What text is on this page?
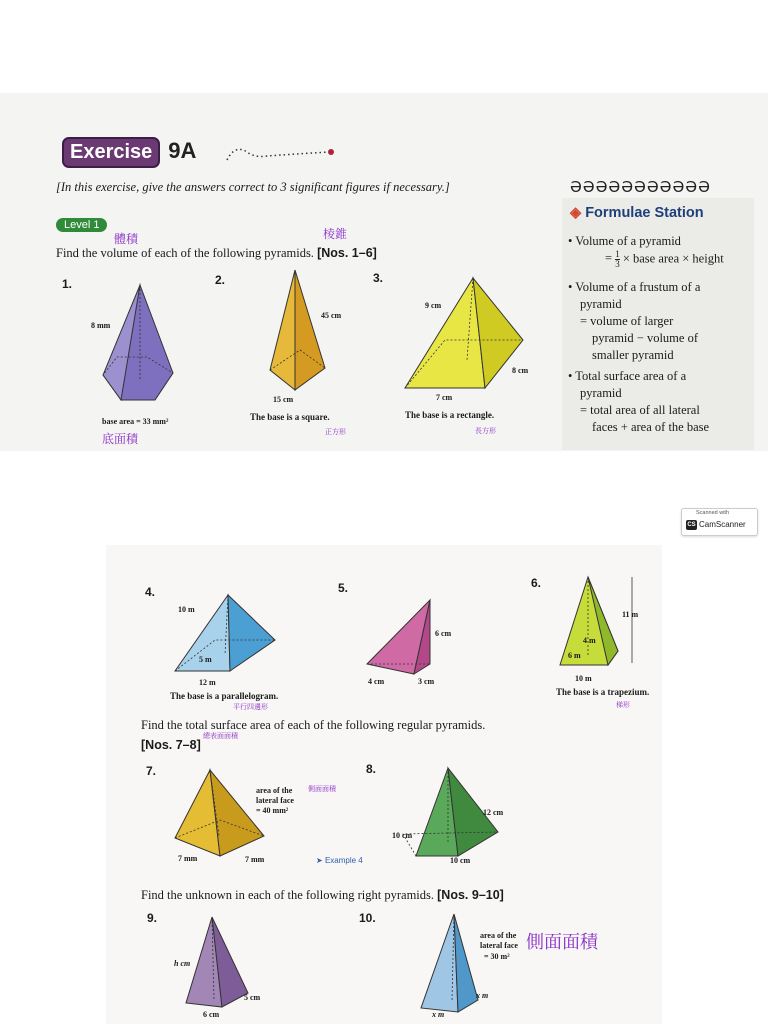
Exercise 9A
[In this exercise, give the answers correct to 3 significant figures if necessary.]	ƏƏƏƏƏƏƏƏƏƏƏ
Level 1
體積	棱錐
Find the volume of each of the following pyramids. [Nos. 1–6]
◈ Formulae Station
• Volume of a pyramid
= $\frac{1}{3}$ × base area × height
• Volume of a frustum of a
pyramid
= volume of larger
pyramid − volume of
smaller pyramid
• Total surface area of a
pyramid
= total area of all lateral
faces + area of the base
1.
8 mm
base area = 33 mm²
底面積
2.
45 cm
15 cm
The base is a square.
正方形
3.
9 cm
8 cm
7 cm
The base is a rectangle.
長方形
Scanned with
CS CamScanner
4.
10 m
5 m
12 m
The base is a parallelogram.
平行四邊形
5.
6 cm
4 cm	3 cm
6.
11 m
4 m
6 m
10 m
The base is a trapezium.
梯形
Find the total surface area of each of the following regular pyramids.
總表面面積
[Nos. 7–8]
7.
area of the
lateral face
= 40 mm²
側面面積
7 mm	7 mm	➤ Example 4
8.
12 cm
10 cm
10 cm
Find the unknown in each of the following right pyramids. [Nos. 9–10]
9.
h cm
5 cm
6 cm
10.
area of the
lateral face
= 30 m²
側面面積
x m
x m
